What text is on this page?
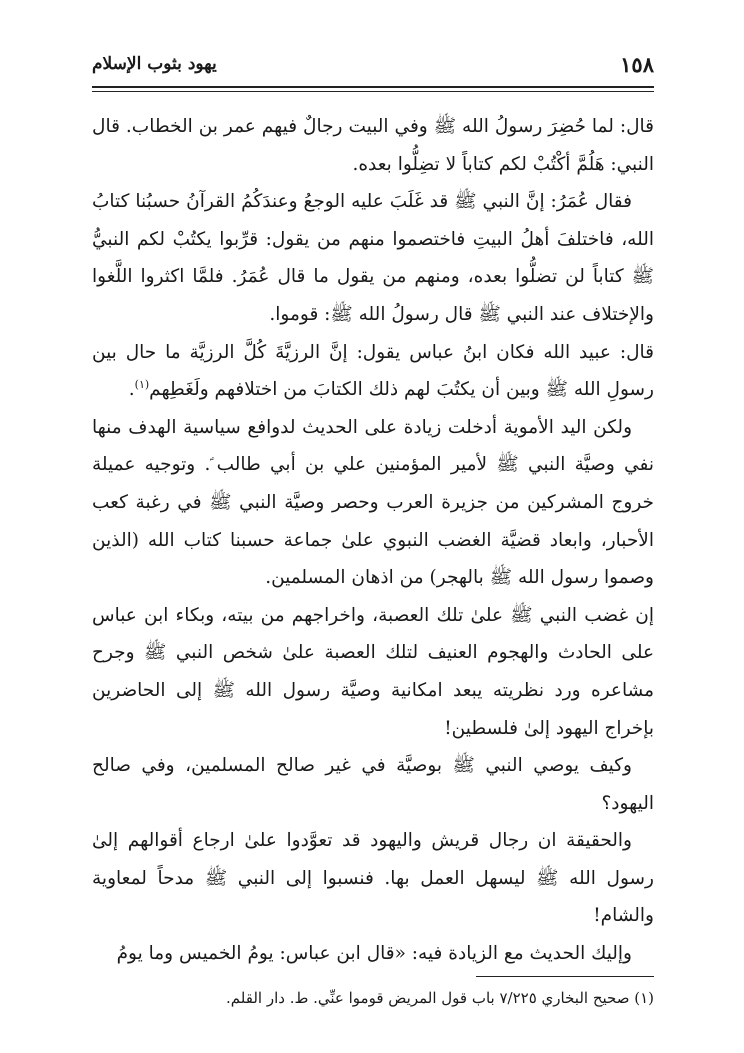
١٥٨
يهود بثوب الإسلام

قال: لما حُضِرَ رسولُ الله ﷺ وفي البيت رجالٌ فيهم عمر بن الخطاب. قال النبي: هَلُمَّ أكْتُبْ لكم كتاباً لا تضِلُّوا بعده.

فقال عُمَرُ: إنَّ النبي ﷺ قد غَلَبَ عليه الوجعُ وعندَكُمُ القرآنُ حسبُنا كتابُ الله، فاختلفَ أهلُ البيتِ فاختصموا منهم من يقول: قرِّبوا يكتُبْ لكم النبيُّ ﷺ كتاباً لن تضلُّوا بعده، ومنهم من يقول ما قال عُمَرُ. فلمَّا اكثروا اللَّغوا والإختلاف عند النبي ﷺ قال رسولُ الله ﷺ: قوموا.

قال: عبيد الله فكان ابنُ عباس يقول: إنَّ الرزيَّةَ كُلَّ الرزيَّة ما حال بين رسولِ الله ﷺ وبين أن يكتُبَ لهم ذلك الكتابَ من اختلافهم ولَغَطِهم$^{(١)}$.

ولكن اليد الأموية أدخلت زيادة على الحديث لدوافع سياسية الهدف منها نفي وصيَّة النبي ﷺ لأمير المؤمنين علي بن أبي طالب ؑ. وتوجيه عميلة خروج المشركين من جزيرة العرب وحصر وصيَّة النبي ﷺ في رغبة كعب الأحبار، وابعاد قضيَّة الغضب النبوي علىٰ جماعة حسبنا كتاب الله (الذين وصموا رسول الله ﷺ بالهجر) من اذهان المسلمين.

إن غضب النبي ﷺ علىٰ تلك العصبة، واخراجهم من بيته، وبكاء ابن عباس على الحادث والهجوم العنيف لتلك العصبة علىٰ شخص النبي ﷺ وجرح مشاعره ورد نظريته يبعد امكانية وصيَّة رسول الله ﷺ إلى الحاضرين بإخراج اليهود إلىٰ فلسطين!

وكيف يوصي النبي ﷺ بوصيَّة في غير صالح المسلمين، وفي صالح اليهود؟

والحقيقة ان رجال قريش واليهود قد تعوَّدوا علىٰ ارجاع أقوالهم إلىٰ رسول الله ﷺ ليسهل العمل بها. فنسبوا إلى النبي ﷺ مدحاً لمعاوية والشام!

وإليك الحديث مع الزيادة فيه: «قال ابن عباس: يومُ الخميس وما يومُ

(١) صحيح البخاري ٧/٢٢٥ باب قول المريض قوموا عنِّي. ط. دار القلم.
